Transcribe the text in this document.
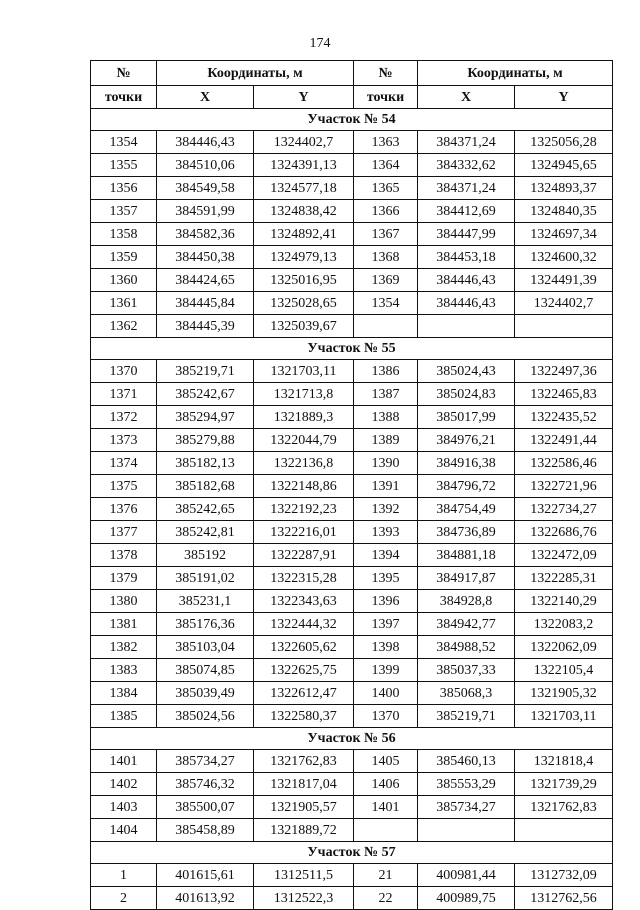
174
№	Координаты, м		№	Координаты, м	
точки	X	Y	точки	X	Y
Участок № 54					
1354	384446,43	1324402,7	1363	384371,24	1325056,28
1355	384510,06	1324391,13	1364	384332,62	1324945,65
1356	384549,58	1324577,18	1365	384371,24	1324893,37
1357	384591,99	1324838,42	1366	384412,69	1324840,35
1358	384582,36	1324892,41	1367	384447,99	1324697,34
1359	384450,38	1324979,13	1368	384453,18	1324600,32
1360	384424,65	1325016,95	1369	384446,43	1324491,39
1361	384445,84	1325028,65	1354	384446,43	1324402,7
1362	384445,39	1325039,67			
Участок № 55					
1370	385219,71	1321703,11	1386	385024,43	1322497,36
1371	385242,67	1321713,8	1387	385024,83	1322465,83
1372	385294,97	1321889,3	1388	385017,99	1322435,52
1373	385279,88	1322044,79	1389	384976,21	1322491,44
1374	385182,13	1322136,8	1390	384916,38	1322586,46
1375	385182,68	1322148,86	1391	384796,72	1322721,96
1376	385242,65	1322192,23	1392	384754,49	1322734,27
1377	385242,81	1322216,01	1393	384736,89	1322686,76
1378	385192	1322287,91	1394	384881,18	1322472,09
1379	385191,02	1322315,28	1395	384917,87	1322285,31
1380	385231,1	1322343,63	1396	384928,8	1322140,29
1381	385176,36	1322444,32	1397	384942,77	1322083,2
1382	385103,04	1322605,62	1398	384988,52	1322062,09
1383	385074,85	1322625,75	1399	385037,33	1322105,4
1384	385039,49	1322612,47	1400	385068,3	1321905,32
1385	385024,56	1322580,37	1370	385219,71	1321703,11
Участок № 56					
1401	385734,27	1321762,83	1405	385460,13	1321818,4
1402	385746,32	1321817,04	1406	385553,29	1321739,29
1403	385500,07	1321905,57	1401	385734,27	1321762,83
1404	385458,89	1321889,72			
Участок № 57					
1	401615,61	1312511,5	21	400981,44	1312732,09
2	401613,92	1312522,3	22	400989,75	1312762,56
